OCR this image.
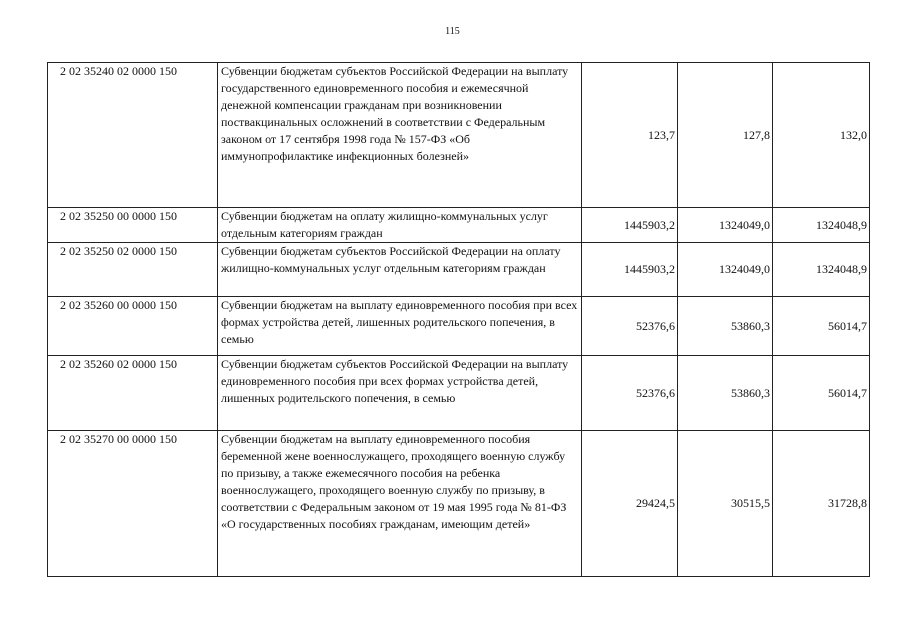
115
2 02 35240 02 0000 150	Субвенции бюджетам субъектов Российской Федерации на выплату государственного единовременного пособия и ежемесячной денежной компенсации гражданам при возникновении поствакцинальных осложнений в соответствии с Федеральным законом от 17 сентября 1998 года № 157-ФЗ «Об иммунопрофилактике инфекционных болезней»	123,7	127,8	132,0
2 02 35250 00 0000 150	Субвенции бюджетам на оплату жилищно-коммунальных услуг отдельным категориям граждан	1445903,2	1324049,0	1324048,9
2 02 35250 02 0000 150	Субвенции бюджетам субъектов Российской Федерации на оплату жилищно-коммунальных услуг отдельным категориям граждан	1445903,2	1324049,0	1324048,9
2 02 35260 00 0000 150	Субвенции бюджетам на выплату единовременного пособия при всех формах устройства детей, лишенных родительского попечения, в семью	52376,6	53860,3	56014,7
2 02 35260 02 0000 150	Субвенции бюджетам субъектов Российской Федерации на выплату единовременного пособия при всех формах устройства детей, лишенных родительского попечения, в семью	52376,6	53860,3	56014,7
2 02 35270 00 0000 150	Субвенции бюджетам на выплату единовременного пособия беременной жене военнослужащего, проходящего военную службу по призыву, а также ежемесячного пособия на ребенка военнослужащего, проходящего военную службу по призыву, в соответствии с Федеральным законом от 19 мая 1995 года № 81-ФЗ «О государственных пособиях гражданам, имеющим детей»	29424,5	30515,5	31728,8
